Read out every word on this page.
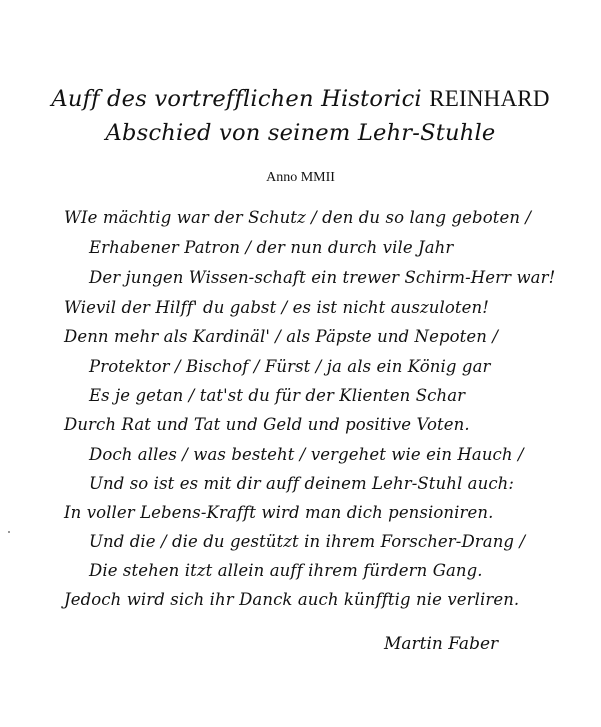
Auff des vortrefflichen Historici REINHARD
Abschied von seinem Lehr-Stuhle
Anno MMII
WIe mächtig war der Schutz / den du so lang geboten /
Erhabener Patron / der nun durch vile Jahr
Der jungen Wissen-schaft ein trewer Schirm-Herr war!
Wievil der Hilff' du gabst / es ist nicht auszuloten!
Denn mehr als Kardinäl' / als Päpste und Nepoten /
Protektor / Bischof / Fürst / ja als ein König gar
Es je getan / tat'st du für der Klienten Schar
Durch Rat und Tat und Geld und positive Voten.
Doch alles / was besteht / vergehet wie ein Hauch /
Und so ist es mit dir auff deinem Lehr-Stuhl auch:
In voller Lebens-Krafft wird man dich pensioniren.
Und die / die du gestützt in ihrem Forscher-Drang /
Die stehen itzt allein auff ihrem fürdern Gang.
Jedoch wird sich ihr Danck auch künfftig nie verliren.
Martin Faber
